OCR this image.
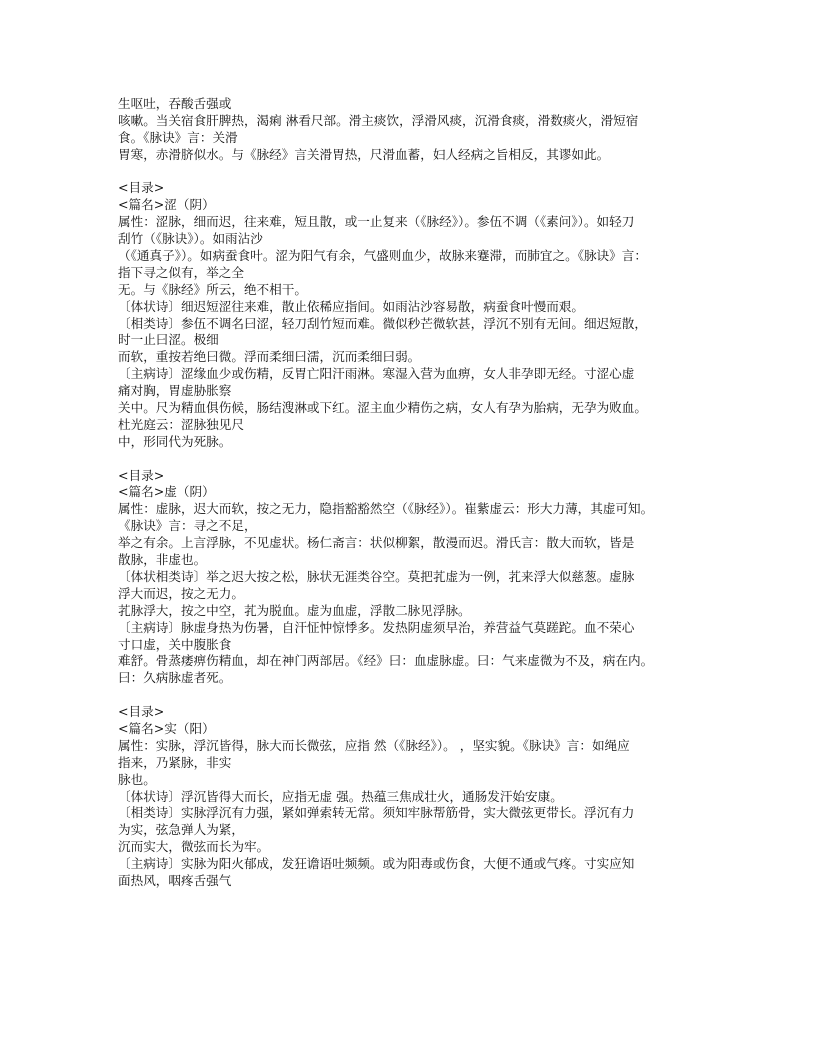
生呕吐，吞酸舌强或
咳嗽。当关宿食肝脾热，渴痢 淋看尺部。滑主痰饮，浮滑风痰，沉滑食痰，滑数痰火，滑短宿
食。《脉诀》言：关滑
胃寒，赤滑脐似水。与《脉经》言关滑胃热，尺滑血蓄，妇人经病之旨相反，其谬如此。
<目录>
<篇名>涩（阴）
属性：涩脉，细而迟，往来难，短且散，或一止复来（《脉经》）。参伍不调（《素问》）。如轻刀
刮竹（《脉诀》）。如雨沾沙
（《通真子》）。如病蚕食叶。涩为阳气有余，气盛则血少，故脉来蹇滞，而肺宜之。《脉诀》言：
指下寻之似有，举之全
无。与《脉经》所云，绝不相干。
〔体状诗〕细迟短涩往来难，散止依稀应指间。如雨沾沙容易散，病蚕食叶慢而艰。
〔相类诗〕参伍不调名曰涩，轻刀刮竹短而难。微似秒芒微软甚，浮沉不别有无间。细迟短散，
时一止曰涩。极细
而软，重按若绝曰微。浮而柔细曰濡，沉而柔细曰弱。
〔主病诗〕涩缘血少或伤精，反胃亡阳汗雨淋。寒湿入营为血痹，女人非孕即无经。寸涩心虚
痛对胸，胃虚胁胀察
关中。尺为精血俱伤候，肠结溲淋或下红。涩主血少精伤之病，女人有孕为胎病，无孕为败血。
杜光庭云：涩脉独见尺
中，形同代为死脉。
<目录>
<篇名>虚（阴）
属性：虚脉，迟大而软，按之无力，隐指豁豁然空（《脉经》）。崔紫虚云：形大力薄，其虚可知。
《脉诀》言：寻之不足，
举之有余。上言浮脉，不见虚状。杨仁斋言：状似柳絮，散漫而迟。滑氏言：散大而软，皆是
散脉，非虚也。
〔体状相类诗〕举之迟大按之松，脉状无涯类谷空。莫把芤虚为一例，芤来浮大似慈葱。虚脉
浮大而迟，按之无力。
芤脉浮大，按之中空，芤为脱血。虚为血虚，浮散二脉见浮脉。
〔主病诗〕脉虚身热为伤暑，自汗怔忡惊悸多。发热阴虚须早治，养营益气莫蹉跎。血不荣心
寸口虚，关中腹胀食
难舒。骨蒸痿痹伤精血，却在神门两部居。《经》曰：血虚脉虚。曰：气来虚微为不及，病在内。
曰：久病脉虚者死。
<目录>
<篇名>实（阳）
属性：实脉，浮沉皆得，脉大而长微弦，应指 然（《脉经》）。 ，坚实貌。《脉诀》言：如绳应
指来，乃紧脉，非实
脉也。
〔体状诗〕浮沉皆得大而长，应指无虚 强。热蕴三焦成壮火，通肠发汗始安康。
〔相类诗〕实脉浮沉有力强，紧如弹索转无常。须知牢脉帮筋骨，实大微弦更带长。浮沉有力
为实，弦急弹人为紧，
沉而实大，微弦而长为牢。
〔主病诗〕实脉为阳火郁成，发狂谵语吐频频。或为阳毒或伤食，大便不通或气疼。寸实应知
面热风，咽疼舌强气
